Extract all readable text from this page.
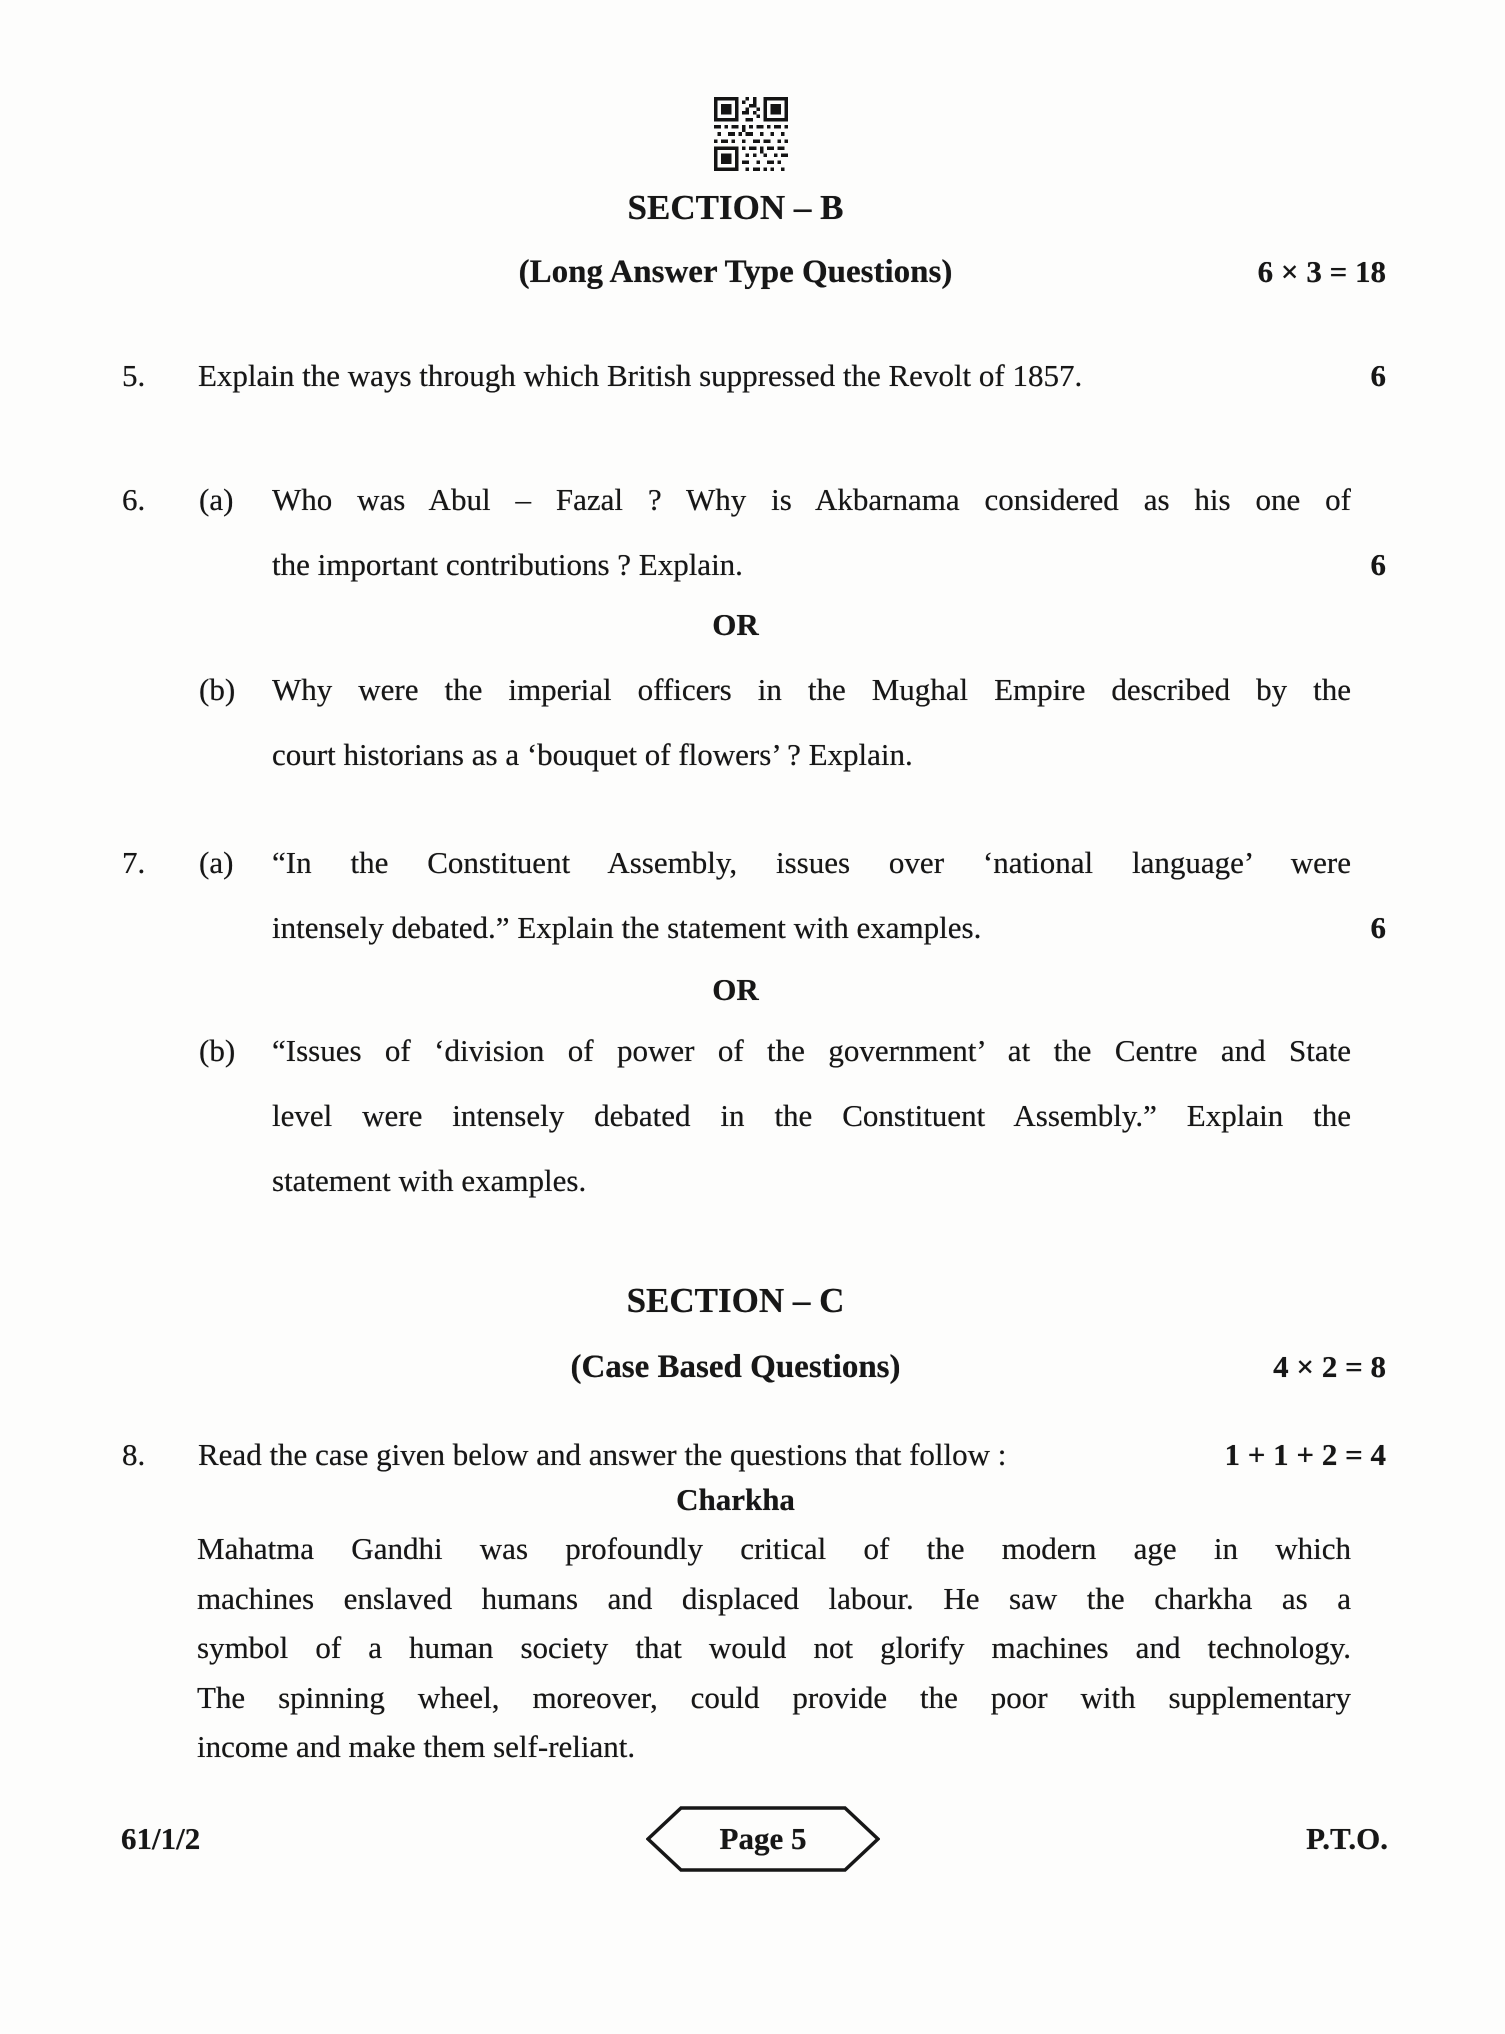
SECTION – B
(Long Answer Type Questions)	6 × 3 = 18
5. Explain the ways through which British suppressed the Revolt of 1857.	6
6. (a) Who was Abul – Fazal ? Why is Akbarnama considered as his one of
the important contributions ? Explain.	6
OR
(b) Why were the imperial officers in the Mughal Empire described by the
court historians as a ‘bouquet of flowers’ ? Explain.
7. (a) “In the Constituent Assembly, issues over ‘national language’ were
intensely debated.” Explain the statement with examples.	6
OR
(b) “Issues of ‘division of power of the government’ at the Centre and State
level were intensely debated in the Constituent Assembly.” Explain the
statement with examples.
SECTION – C
(Case Based Questions)	4 × 2 = 8
8. Read the case given below and answer the questions that follow :	1 + 1 + 2 = 4
Charkha
Mahatma Gandhi was profoundly critical of the modern age in which
machines enslaved humans and displaced labour. He saw the charkha as a
symbol of a human society that would not glorify machines and technology.
The spinning wheel, moreover, could provide the poor with supplementary
income and make them self-reliant.
61/1/2	Page 5	P.T.O.
